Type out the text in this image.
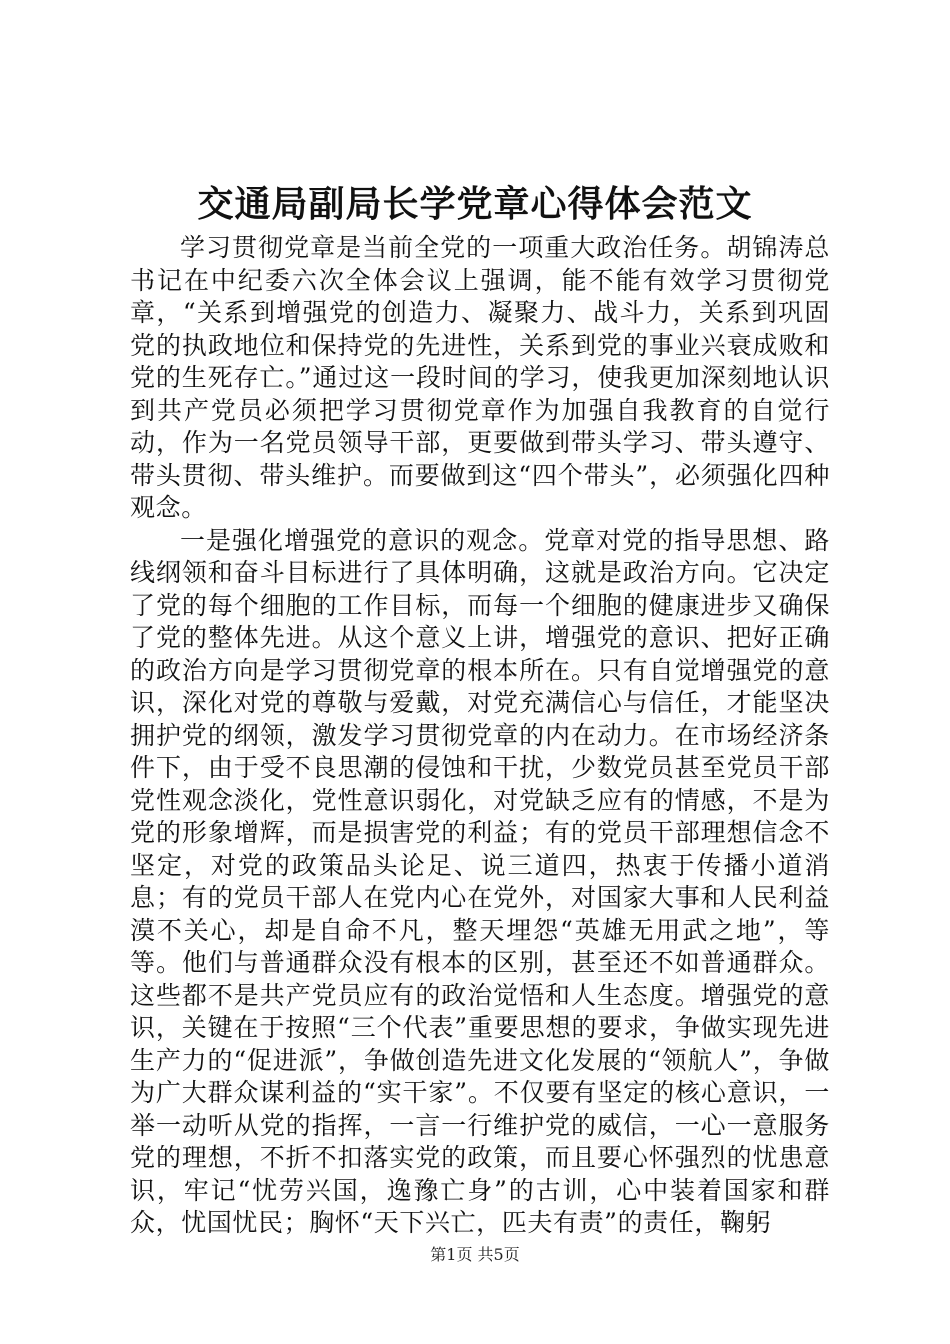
交通局副局长学党章心得体会范文

学习贯彻党章是当前全党的一项重大政治任务。胡锦涛总书记在中纪委六次全体会议上强调，能不能有效学习贯彻党章，“关系到增强党的创造力、凝聚力、战斗力，关系到巩固党的执政地位和保持党的先进性，关系到党的事业兴衰成败和党的生死存亡。”通过这一段时间的学习，使我更加深刻地认识到共产党员必须把学习贯彻党章作为加强自我教育的自觉行动，作为一名党员领导干部，更要做到带头学习、带头遵守、带头贯彻、带头维护。而要做到这“四个带头”，必须强化四种观念。

一是强化增强党的意识的观念。党章对党的指导思想、路线纲领和奋斗目标进行了具体明确，这就是政治方向。它决定了党的每个细胞的工作目标，而每一个细胞的健康进步又确保了党的整体先进。从这个意义上讲，增强党的意识、把好正确的政治方向是学习贯彻党章的根本所在。只有自觉增强党的意识，深化对党的尊敬与爱戴，对党充满信心与信任，才能坚决拥护党的纲领，激发学习贯彻党章的内在动力。在市场经济条件下，由于受不良思潮的侵蚀和干扰，少数党员甚至党员干部党性观念淡化，党性意识弱化，对党缺乏应有的情感，不是为党的形象增辉，而是损害党的利益；有的党员干部理想信念不坚定，对党的政策品头论足、说三道四，热衷于传播小道消息；有的党员干部人在党内心在党外，对国家大事和人民利益漠不关心，却是自命不凡，整天埋怨“英雄无用武之地”，等等。他们与普通群众没有根本的区别，甚至还不如普通群众。这些都不是共产党员应有的政治觉悟和人生态度。增强党的意识，关键在于按照“三个代表”重要思想的要求，争做实现先进生产力的“促进派”，争做创造先进文化发展的“领航人”，争做为广大群众谋利益的“实干家”。不仅要有坚定的核心意识，一举一动听从党的指挥，一言一行维护党的威信，一心一意服务党的理想，不折不扣落实党的政策，而且要心怀强烈的忧患意识，牢记“忧劳兴国，逸豫亡身”的古训，心中装着国家和群众，忧国忧民；胸怀“天下兴亡，匹夫有责”的责任，鞠躬

第1页 共5页
